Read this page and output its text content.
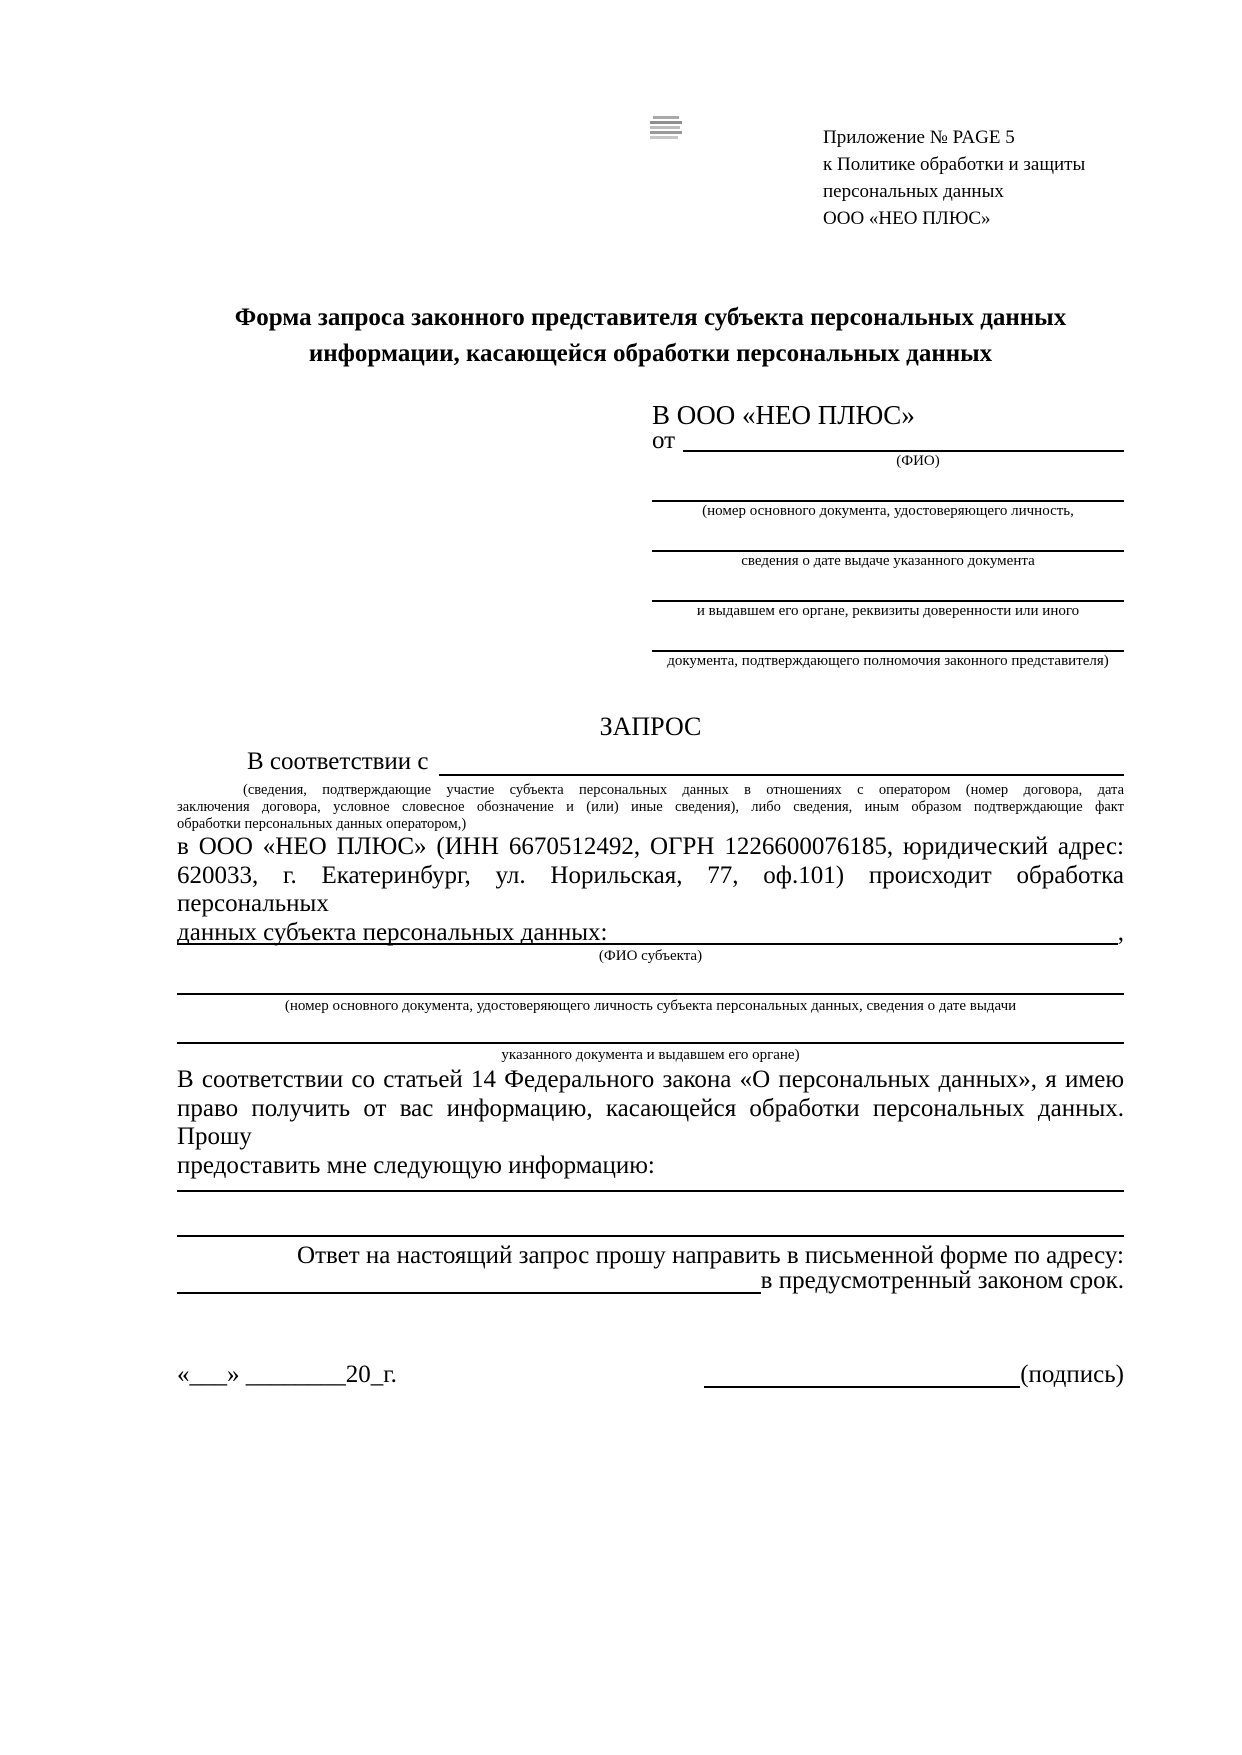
Приложение № PAGE 5
к Политике обработки и защиты
персональных данных
ООО «НЕО ПЛЮС»
Форма запроса законного представителя субъекта персональных данных
информации, касающейся обработки персональных данных
В ООО «НЕО ПЛЮС»
от
(ФИО)
(номер основного документа, удостоверяющего личность,
сведения о дате выдаче указанного документа
и выдавшем его органе, реквизиты доверенности или иного
документа, подтверждающего полномочия законного представителя)
ЗАПРОС
В соответствии с
(сведения, подтверждающие участие субъекта персональных данных в отношениях с оператором (номер договора, дата
заключения договора, условное словесное обозначение и (или) иные сведения), либо сведения, иным образом подтверждающие факт
обработки персональных данных оператором,)
в ООО «НЕО ПЛЮС» (ИНН 6670512492, ОГРН 1226600076185, юридический адрес:
620033, г. Екатеринбург, ул. Норильская, 77, оф.101) происходит обработка персональных
данных субъекта персональных данных:	,
(ФИО субъекта)
(номер основного документа, удостоверяющего личность субъекта персональных данных, сведения о дате выдачи
указанного документа и выдавшем его органе)
В соответствии со статьей 14 Федерального закона «О персональных данных», я имею
право получить от вас информацию, касающейся обработки персональных данных. Прошу
предоставить мне следующую информацию:
Ответ на настоящий запрос прошу направить в письменной форме по адресу:
в предусмотренный законом срок.
«___» ________20_г.	(подпись)
